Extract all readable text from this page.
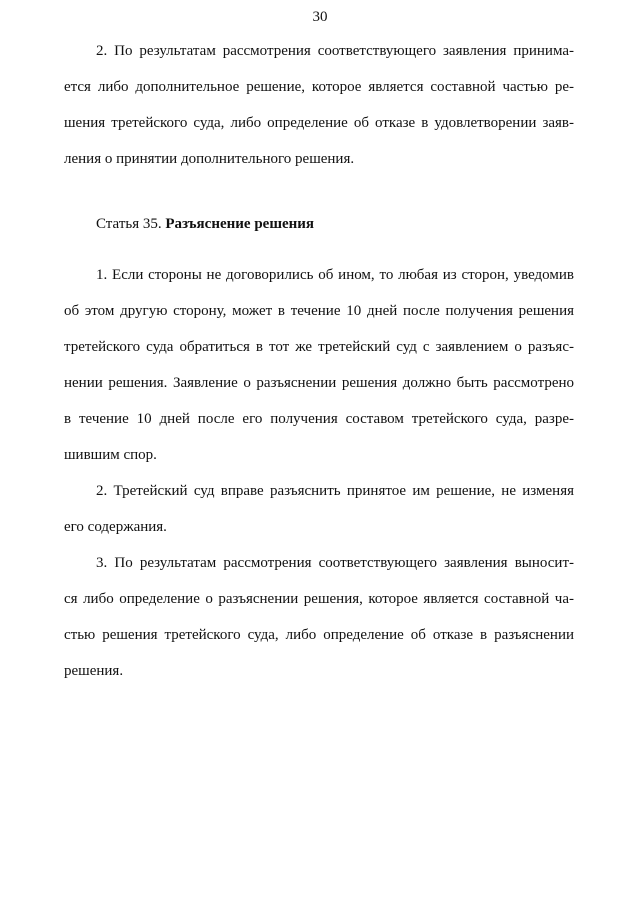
30
2. По результатам рассмотрения соответствующего заявления принима-
ется либо дополнительное решение, которое является составной частью ре-
шения третейского суда, либо определение об отказе в удовлетворении заяв-
ления о принятии дополнительного решения.
Статья 35. Разъяснение решения
1. Если стороны не договорились об ином, то любая из сторон, уведомив
об этом другую сторону, может в течение 10 дней после получения решения
третейского суда обратиться в тот же третейский суд с заявлением о разъяс-
нении решения. Заявление о разъяснении решения должно быть рассмотрено
в течение 10 дней после его получения составом третейского суда, разре-
шившим спор.
2. Третейский суд вправе разъяснить принятое им решение, не изменяя
его содержания.
3. По результатам рассмотрения соответствующего заявления выносит-
ся либо определение о разъяснении решения, которое является составной ча-
стью решения третейского суда, либо определение об отказе в разъяснении
решения.
